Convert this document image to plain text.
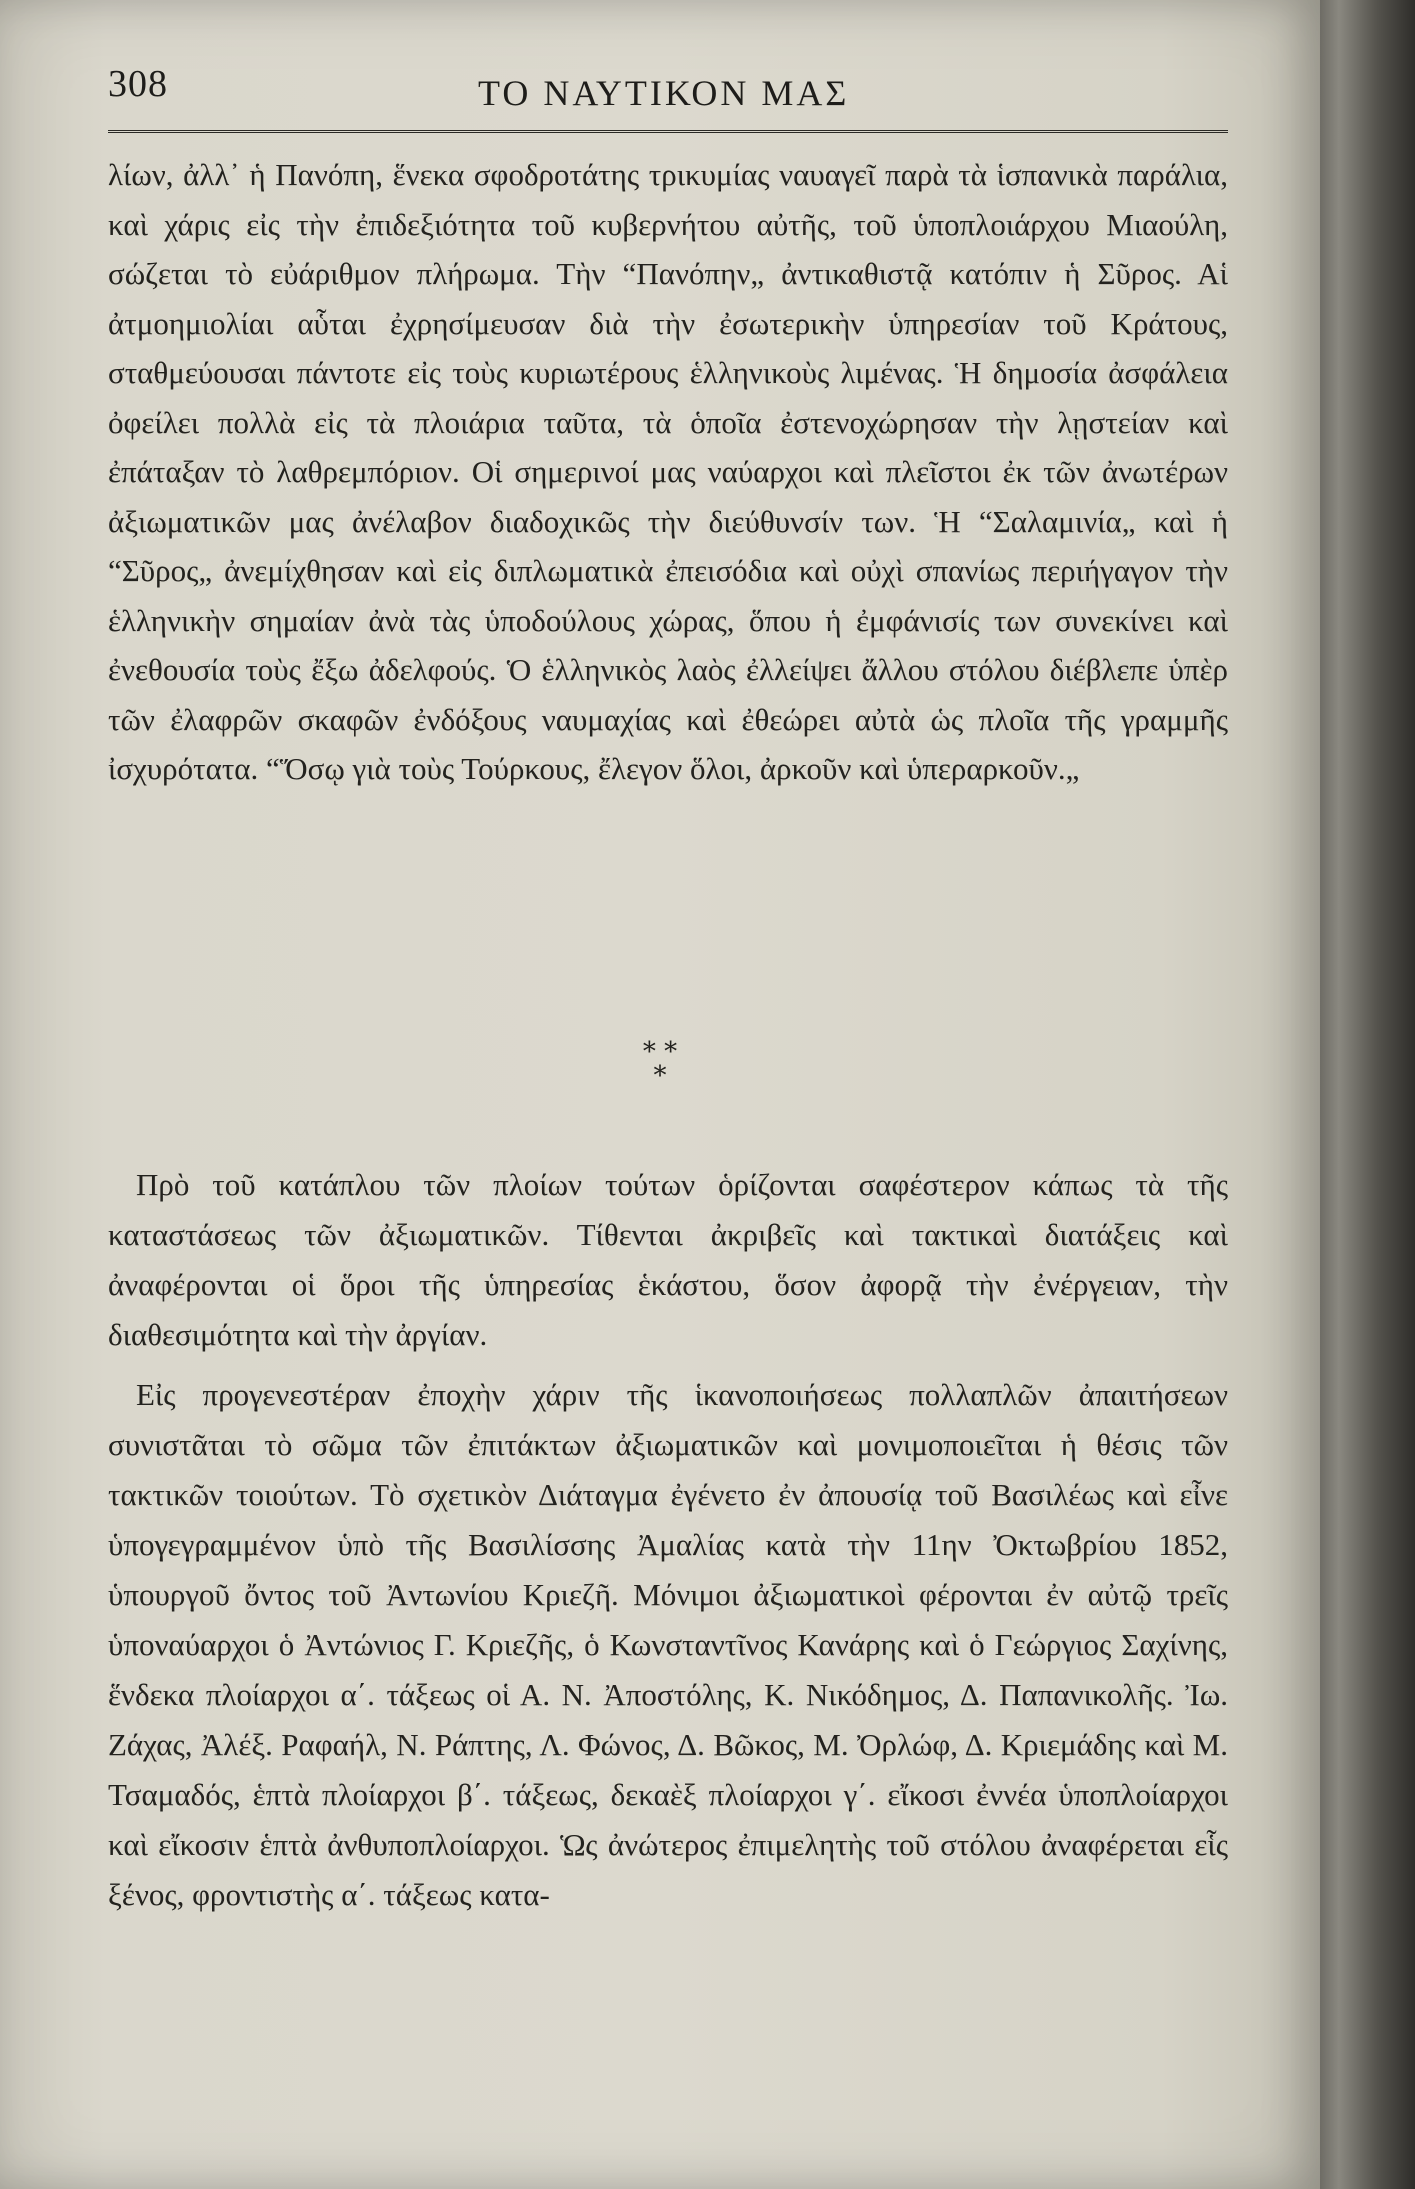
308	ΤΟ ΝΑΥΤΙΚΟΝ ΜΑΣ

λίων, ἀλλ᾽ ἡ Πανόπη, ἕνεκα σφοδροτάτης τρικυμίας ναυαγεῖ παρὰ τὰ ἱσπανικὰ παράλια, καὶ χάρις εἰς τὴν ἐπιδεξιότητα τοῦ κυβερνήτου αὐτῆς, τοῦ ὑποπλοιάρχου Μιαούλη, σώζεται τὸ εὐάριθμον πλήρωμα. Τὴν “Πανόπην„ ἀντικαθιστᾷ κατόπιν ἡ Σῦρος. Αἱ ἀτμοημιολίαι αὗται ἐχρησίμευσαν διὰ τὴν ἐσωτερικὴν ὑπηρεσίαν τοῦ Κράτους, σταθμεύουσαι πάντοτε εἰς τοὺς κυριωτέρους ἑλληνικοὺς λιμένας. Ἡ δημοσία ἀσφάλεια ὀφείλει πολλὰ εἰς τὰ πλοιάρια ταῦτα, τὰ ὁποῖα ἐστενοχώρησαν τὴν λῃστείαν καὶ ἐπάταξαν τὸ λαθρεμπόριον. Οἱ σημερινοί μας ναύαρχοι καὶ πλεῖστοι ἐκ τῶν ἀνωτέρων ἀξιωματικῶν μας ἀνέλαβον διαδοχικῶς τὴν διεύθυνσίν των. Ἡ “Σαλαμινία„ καὶ ἡ “Σῦρος„ ἀνεμίχθησαν καὶ εἰς διπλωματικὰ ἐπεισόδια καὶ οὐχὶ σπανίως περιήγαγον τὴν ἑλληνικὴν σημαίαν ἀνὰ τὰς ὑποδούλους χώρας, ὅπου ἡ ἐμφάνισίς των συνεκίνει καὶ ἐνεθουσία τοὺς ἔξω ἀδελφούς. Ὁ ἑλληνικὸς λαὸς ἐλλείψει ἄλλου στόλου διέβλεπε ὑπὲρ τῶν ἐλαφρῶν σκαφῶν ἐνδόξους ναυμαχίας καὶ ἐθεώρει αὐτὰ ὡς πλοῖα τῆς γραμμῆς ἰσχυρότατα. “Ὅσῳ γιὰ τοὺς Τούρκους, ἔλεγον ὅλοι, ἀρκοῦν καὶ ὑπεραρκοῦν.„

* *
*

Πρὸ τοῦ κατάπλου τῶν πλοίων τούτων ὁρίζονται σαφέστερον κάπως τὰ τῆς καταστάσεως τῶν ἀξιωματικῶν. Τίθενται ἀκριβεῖς καὶ τακτικαὶ διατάξεις καὶ ἀναφέρονται οἱ ὅροι τῆς ὑπηρεσίας ἑκάστου, ὅσον ἀφορᾷ τὴν ἐνέργειαν, τὴν διαθεσιμότητα καὶ τὴν ἀργίαν.

Εἰς προγενεστέραν ἐποχὴν χάριν τῆς ἱκανοποιήσεως πολλαπλῶν ἀπαιτήσεων συνιστᾶται τὸ σῶμα τῶν ἐπιτάκτων ἀξιωματικῶν καὶ μονιμοποιεῖται ἡ θέσις τῶν τακτικῶν τοιούτων. Τὸ σχετικὸν Διάταγμα ἐγένετο ἐν ἀπουσίᾳ τοῦ Βασιλέως καὶ εἶνε ὑπογεγραμμένον ὑπὸ τῆς Βασιλίσσης Ἀμαλίας κατὰ τὴν 11ην Ὀκτωβρίου 1852, ὑπουργοῦ ὄντος τοῦ Ἀντωνίου Κριεζῆ. Μόνιμοι ἀξιωματικοὶ φέρονται ἐν αὐτῷ τρεῖς ὑποναύαρχοι ὁ Ἀντώνιος Γ. Κριεζῆς, ὁ Κωνσταντῖνος Κανάρης καὶ ὁ Γεώργιος Σαχίνης, ἕνδεκα πλοίαρχοι α΄. τάξεως οἱ Α. Ν. Ἀποστόλης, Κ. Νικόδημος, Δ. Παπανικολῆς. Ἰω. Ζάχας, Ἀλέξ. Ραφαήλ, Ν. Ράπτης, Λ. Φώνος, Δ. Βῶκος, Μ. Ὀρλώφ, Δ. Κριεμάδης καὶ Μ. Τσαμαδός, ἑπτὰ πλοίαρχοι β΄. τάξεως, δεκαὲξ πλοίαρχοι γ΄. εἴκοσι ἐννέα ὑποπλοίαρχοι καὶ εἴκοσιν ἑπτὰ ἀνθυποπλοίαρχοι. Ὡς ἀνώτερος ἐπιμελητὴς τοῦ στόλου ἀναφέρεται εἷς ξένος, φροντιστὴς α΄. τάξεως κατα-
